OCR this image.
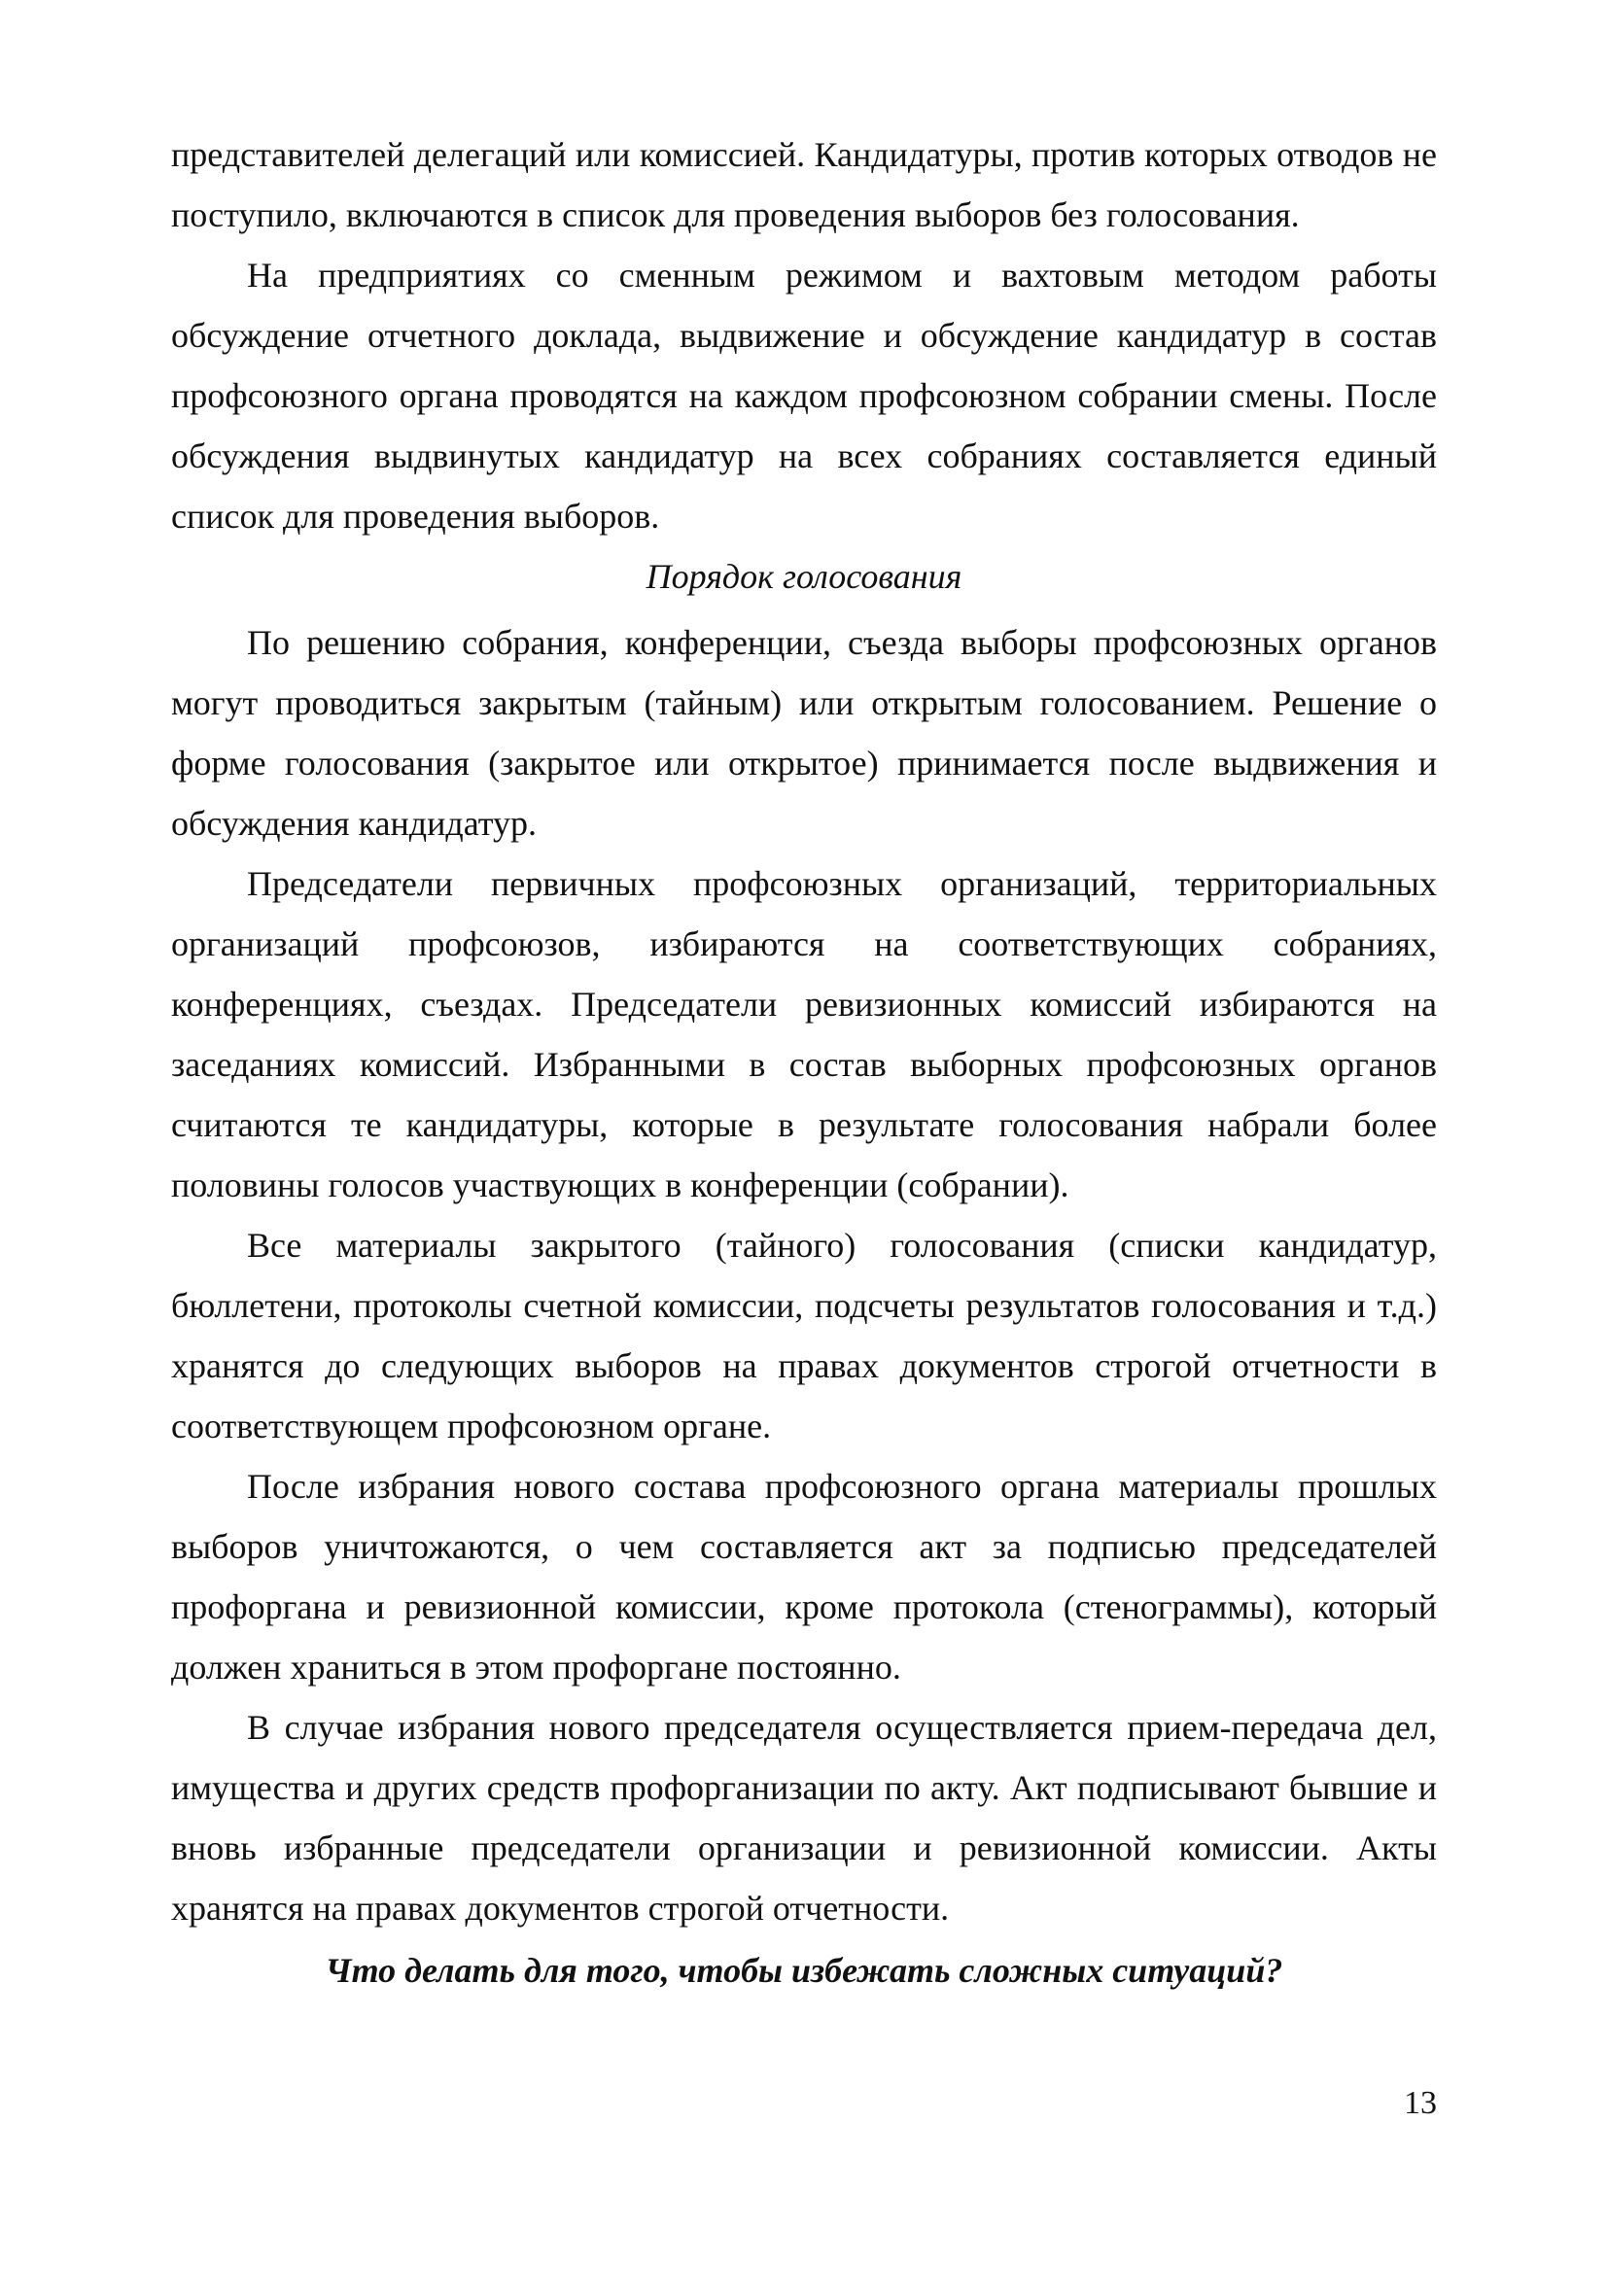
представителей делегаций или комиссией. Кандидатуры, против которых отводов не поступило, включаются в список для проведения выборов без голосования.

На предприятиях со сменным режимом и вахтовым методом работы обсуждение отчетного доклада, выдвижение и обсуждение кандидатур в состав профсоюзного органа проводятся на каждом профсоюзном собрании смены. После обсуждения выдвинутых кандидатур на всех собраниях составляется единый список для проведения выборов.

Порядок голосования

По решению собрания, конференции, съезда выборы профсоюзных органов могут проводиться закрытым (тайным) или открытым голосованием. Решение о форме голосования (закрытое или открытое) принимается после выдвижения и обсуждения кандидатур.

Председатели первичных профсоюзных организаций, территориальных организаций профсоюзов, избираются на соответствующих собраниях, конференциях, съездах. Председатели ревизионных комиссий избираются на заседаниях комиссий. Избранными в состав выборных профсоюзных органов считаются те кандидатуры, которые в результате голосования набрали более половины голосов участвующих в конференции (собрании).

Все материалы закрытого (тайного) голосования (списки кандидатур, бюллетени, протоколы счетной комиссии, подсчеты результатов голосования и т.д.) хранятся до следующих выборов на правах документов строгой отчетности в соответствующем профсоюзном органе.

После избрания нового состава профсоюзного органа материалы прошлых выборов уничтожаются, о чем составляется акт за подписью председателей профоргана и ревизионной комиссии, кроме протокола (стенограммы), который должен храниться в этом профоргане постоянно.

В случае избрания нового председателя осуществляется прием-передача дел, имущества и других средств профорганизации по акту. Акт подписывают бывшие и вновь избранные председатели организации и ревизионной комиссии. Акты хранятся на правах документов строгой отчетности.

Что делать для того, чтобы избежать сложных ситуаций?
13
